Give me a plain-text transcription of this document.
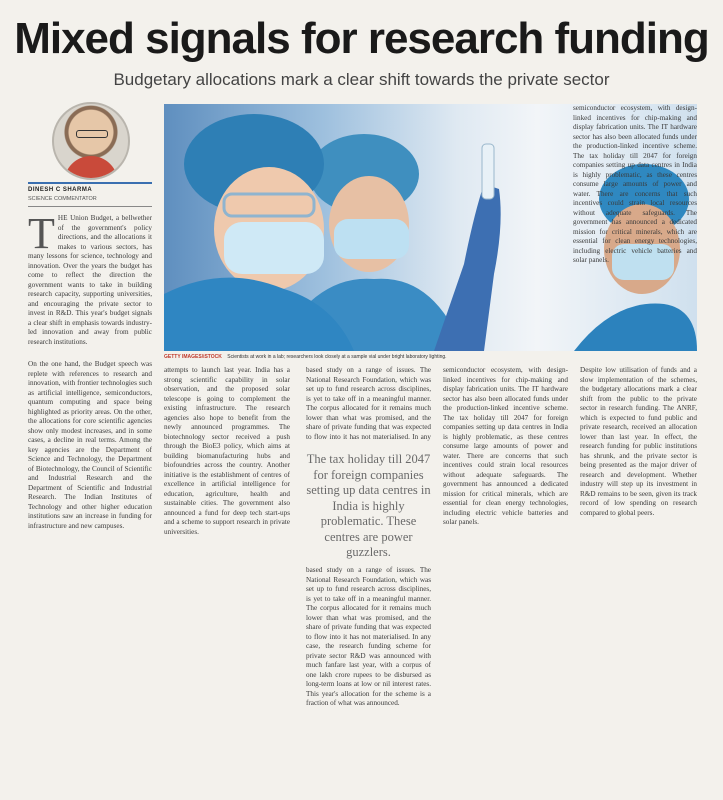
Mixed signals for research funding
Budgetary allocations mark a clear shift towards the private sector
DINESH C SHARMA
SCIENCE COMMENTATOR
GETTY IMAGES/iSTOCK Scientists at work in a lab; researchers look closely at a sample vial under bright laboratory lighting.
THE Union Budget, a bellwether of the government's policy directions, and the allocations it makes to various sectors, has many lessons for science, technology and innovation. Over the years the budget has come to reflect the direction the government wants to take in building research capacity, supporting universities, and encouraging the private sector to invest in R&D. This year's budget signals a clear shift in emphasis towards industry-led innovation and away from public research institutions.
On the one hand, the Budget speech was replete with references to research and innovation, with frontier technologies such as artificial intelligence, semiconductors, quantum computing and space being highlighted as priority areas. On the other, the allocations for core scientific agencies show only modest increases, and in some cases, a decline in real terms. Among the key agencies are the Department of Science and Technology, the Department of Biotechnology, the Council of Scientific and Industrial Research and the Department of Scientific and Industrial Research. The Indian Institutes of Technology and other higher education institutions saw an increase in funding for infrastructure and new campuses.
attempts to launch last year. India has a strong scientific capability in solar observation, and the proposed solar telescope is going to complement the existing infrastructure. The research agencies also hope to benefit from the newly announced programmes. The biotechnology sector received a push through the BioE3 policy, which aims at building biomanufacturing hubs and biofoundries across the country. Another initiative is the establishment of centres of excellence in artificial intelligence for education, agriculture, health and sustainable cities. The government also announced a fund for deep tech start-ups and a scheme to support research in private universities.
The tax holiday till 2047 for foreign companies setting up data centres in India is highly problematic. These centres are power guzzlers.
based study on a range of issues. The National Research Foundation, which was set up to fund research across disciplines, is yet to take off in a meaningful manner. The corpus allocated for it remains much lower than what was promised, and the share of private funding that was expected to flow into it has not materialised. In any
based study on a range of issues. The National Research Foundation, which was set up to fund research across disciplines, is yet to take off in a meaningful manner. The corpus allocated for it remains much lower than what was promised, and the share of private funding that was expected to flow into it has not materialised. In any case, the research funding scheme for private sector R&D was announced with much fanfare last year, with a corpus of one lakh crore rupees to be disbursed as long-term loans at low or nil interest rates. This year's allocation for the scheme is a fraction of what was announced.
semiconductor ecosystem, with design-linked incentives for chip-making and display fabrication units. The IT hardware sector has also been allocated funds under the production-linked incentive scheme. The tax holiday till 2047 for foreign companies setting up data centres in India is highly problematic, as these centres consume large amounts of power and water. There are concerns that such incentives could strain local resources without adequate safeguards. The government has announced a dedicated mission for critical minerals, which are essential for clean energy technologies, including electric vehicle batteries and solar panels.
semiconductor ecosystem, with design-linked incentives for chip-making and display fabrication units. The IT hardware sector has also been allocated funds under the production-linked incentive scheme. The tax holiday till 2047 for foreign companies setting up data centres in India is highly problematic, as these centres consume large amounts of power and water. There are concerns that such incentives could strain local resources without adequate safeguards. The government has announced a dedicated mission for critical minerals, which are essential for clean energy technologies, including electric vehicle batteries and solar panels.
Despite low utilisation of funds and a slow implementation of the schemes, the budgetary allocations mark a clear shift from the public to the private sector in research funding. The ANRF, which is expected to fund public and private research, received an allocation lower than last year. In effect, the research funding for public institutions has shrunk, and the private sector is being presented as the major driver of research and development. Whether industry will step up its investment in R&D remains to be seen, given its track record of low spending on research compared to global peers.
